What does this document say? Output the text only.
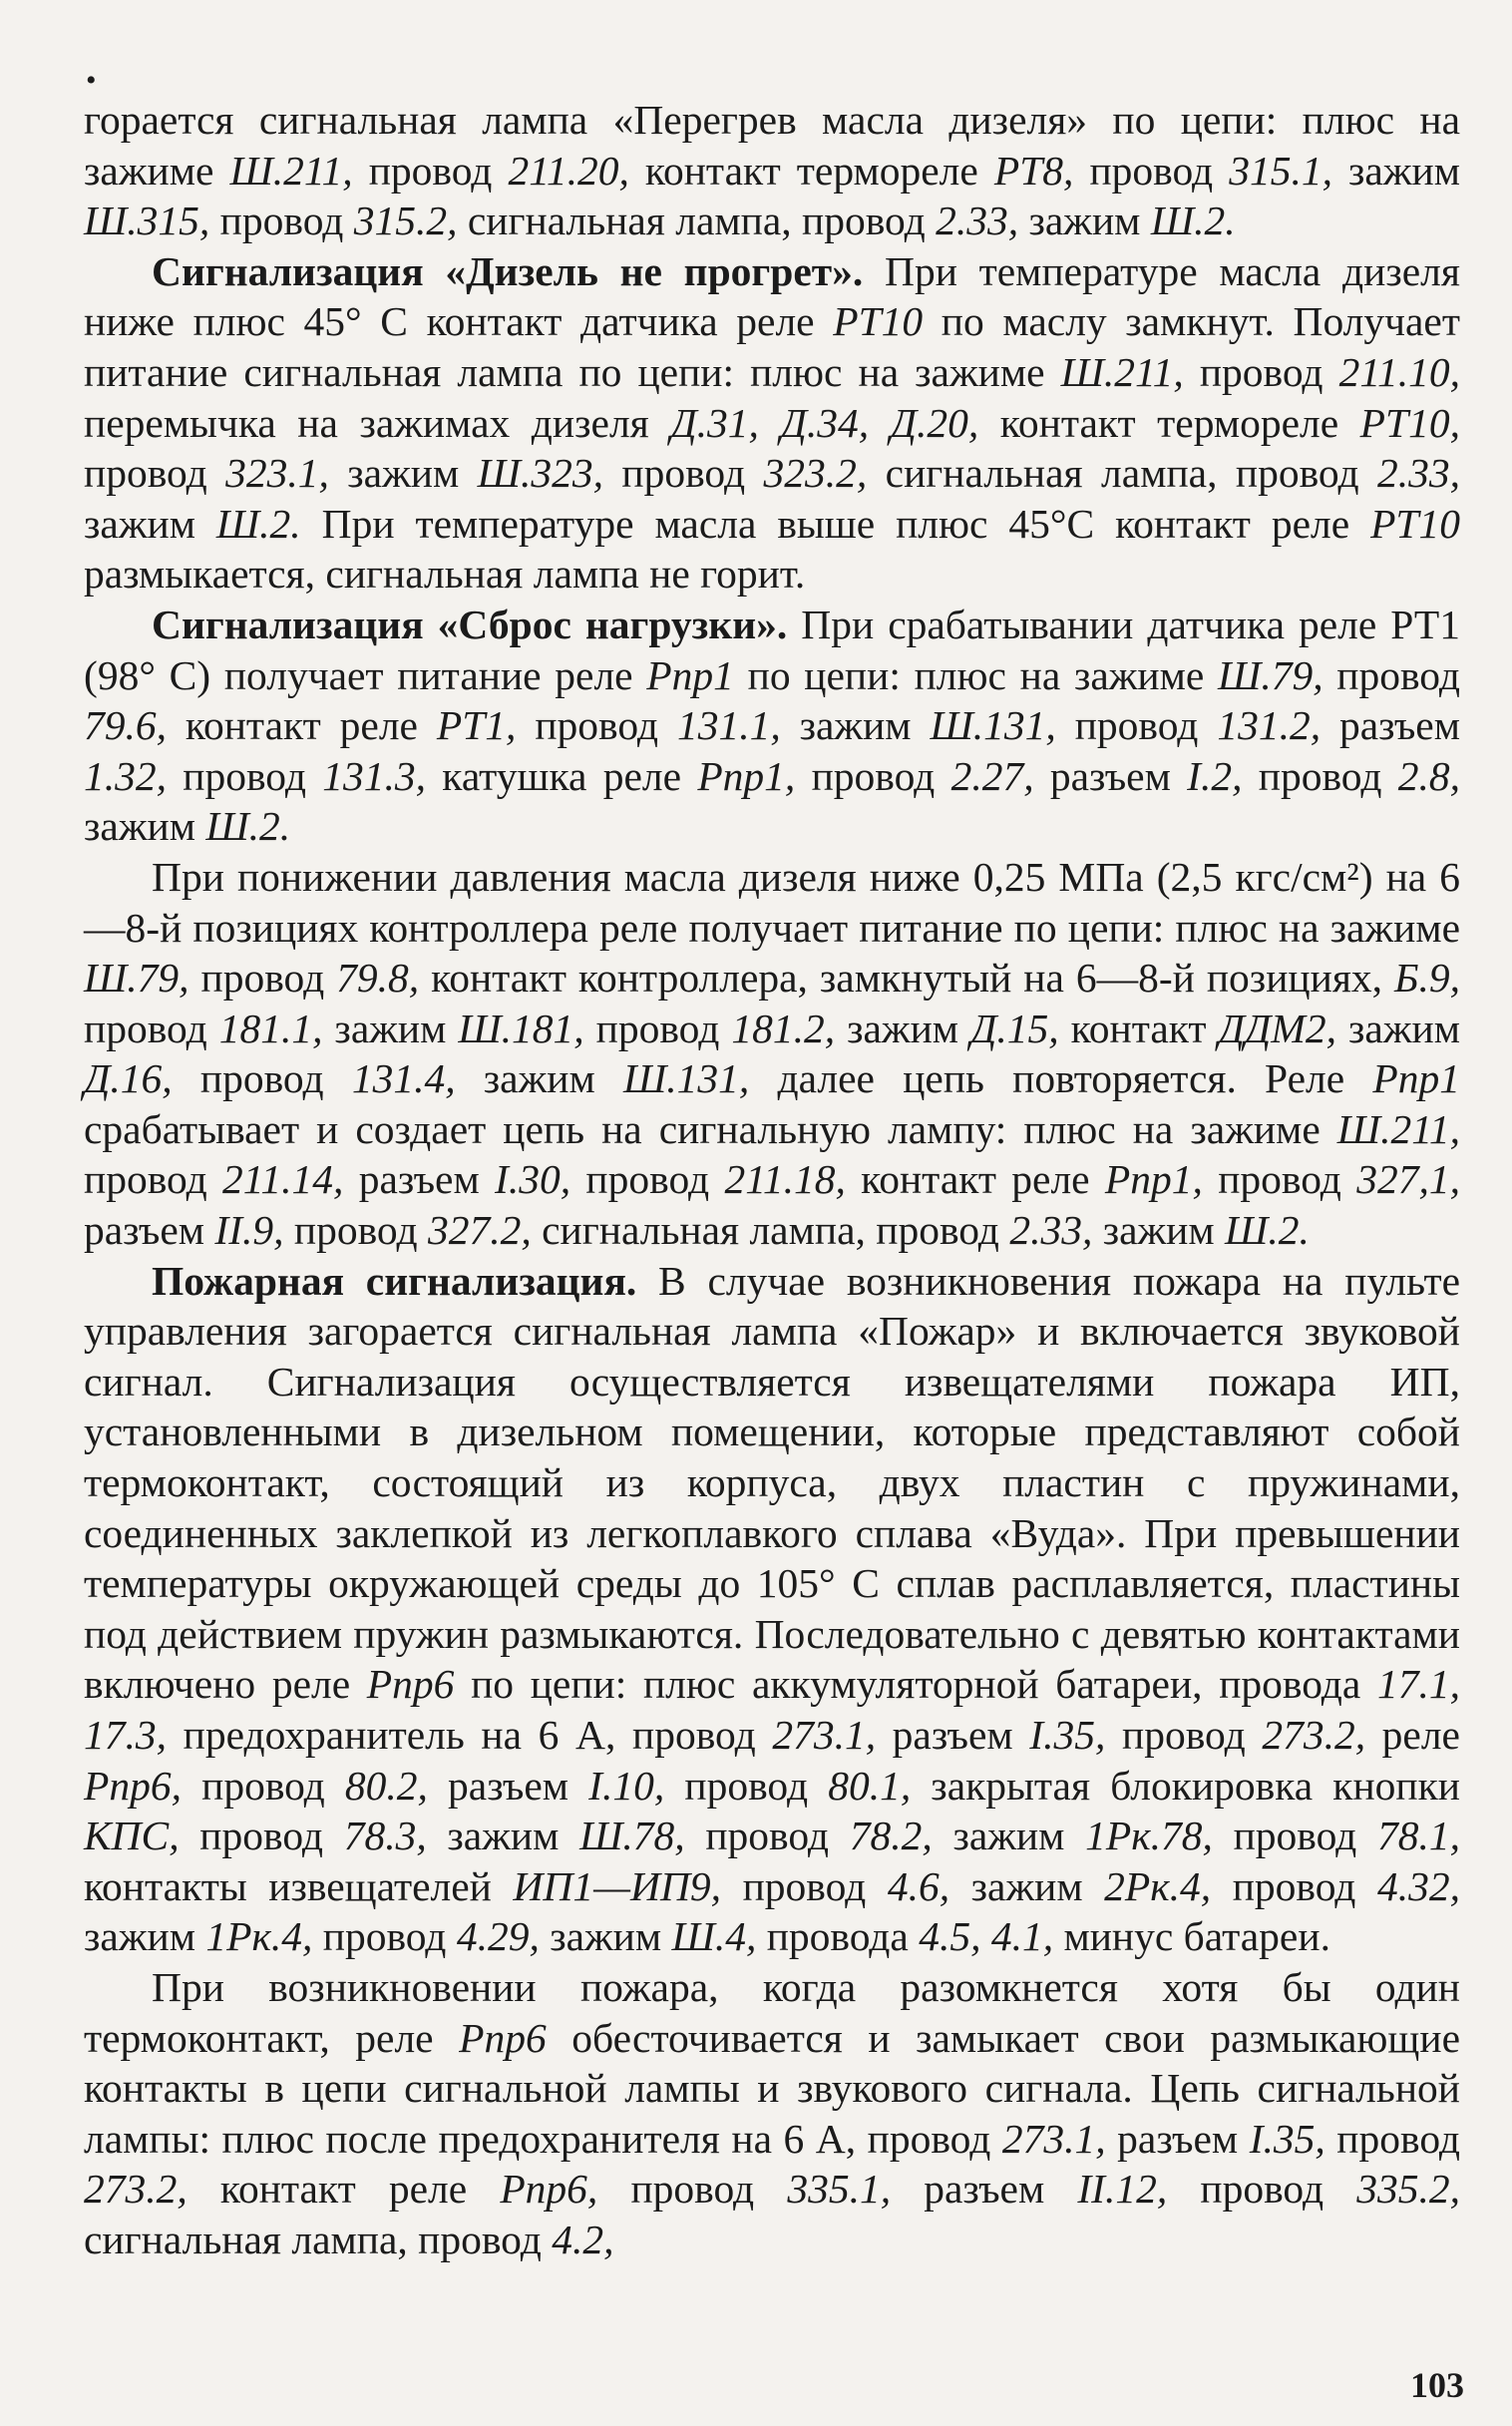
•

горается сигнальная лампа «Перегрев масла дизеля» по цепи: плюс на зажиме Ш.211, провод 211.20, контакт термореле РТ8, провод 315.1, зажим Ш.315, провод 315.2, сигнальная лампа, провод 2.33, зажим Ш.2.

Сигнализация «Дизель не прогрет». При температуре масла дизеля ниже плюс 45° С контакт датчика реле РТ10 по маслу замкнут. Получает питание сигнальная лампа по цепи: плюс на зажиме Ш.211, провод 211.10, перемычка на зажимах дизеля Д.31, Д.34, Д.20, контакт термореле РТ10, провод 323.1, зажим Ш.323, провод 323.2, сигнальная лампа, провод 2.33, зажим Ш.2. При температуре масла выше плюс 45°С контакт реле РТ10 размыкается, сигнальная лампа не горит.

Сигнализация «Сброс нагрузки». При срабатывании датчика реле РТ1 (98° С) получает питание реле Рпр1 по цепи: плюс на зажиме Ш.79, провод 79.6, контакт реле РТ1, провод 131.1, зажим Ш.131, провод 131.2, разъем 1.32, провод 131.3, катушка реле Рпр1, провод 2.27, разъем I.2, провод 2.8, зажим Ш.2.

При понижении давления масла дизеля ниже 0,25 МПа (2,5 кгс/см²) на 6—8-й позициях контроллера реле получает питание по цепи: плюс на зажиме Ш.79, провод 79.8, контакт контроллера, замкнутый на 6—8-й позициях, Б.9, провод 181.1, зажим Ш.181, провод 181.2, зажим Д.15, контакт ДДМ2, зажим Д.16, провод 131.4, зажим Ш.131, далее цепь повторяется. Реле Рпр1 срабатывает и создает цепь на сигнальную лампу: плюс на зажиме Ш.211, провод 211.14, разъем I.30, провод 211.18, контакт реле Рпр1, провод 327,1, разъем II.9, провод 327.2, сигнальная лампа, провод 2.33, зажим Ш.2.

Пожарная сигнализация. В случае возникновения пожара на пульте управления загорается сигнальная лампа «Пожар» и включается звуковой сигнал. Сигнализация осуществляется извещателями пожара ИП, установленными в дизельном помещении, которые представляют собой термоконтакт, состоящий из корпуса, двух пластин с пружинами, соединенных заклепкой из легкоплавкого сплава «Вуда». При превышении температуры окружающей среды до 105° С сплав расплавляется, пластины под действием пружин размыкаются. Последовательно с девятью контактами включено реле Рпр6 по цепи: плюс аккумуляторной батареи, провода 17.1, 17.3, предохранитель на 6 А, провод 273.1, разъем I.35, провод 273.2, реле Рпр6, провод 80.2, разъем I.10, провод 80.1, закрытая блокировка кнопки КПС, провод 78.3, зажим Ш.78, провод 78.2, зажим 1Рк.78, провод 78.1, контакты извещателей ИП1—ИП9, провод 4.6, зажим 2Рк.4, провод 4.32, зажим 1Рк.4, провод 4.29, зажим Ш.4, провода 4.5, 4.1, минус батареи.

При возникновении пожара, когда разомкнется хотя бы один термоконтакт, реле Рпр6 обесточивается и замыкает свои размыкающие контакты в цепи сигнальной лампы и звукового сигнала. Цепь сигнальной лампы: плюс после предохранителя на 6 А, провод 273.1, разъем I.35, провод 273.2, контакт реле Рпр6, провод 335.1, разъем II.12, провод 335.2, сигнальная лампа, провод 4.2,

103
